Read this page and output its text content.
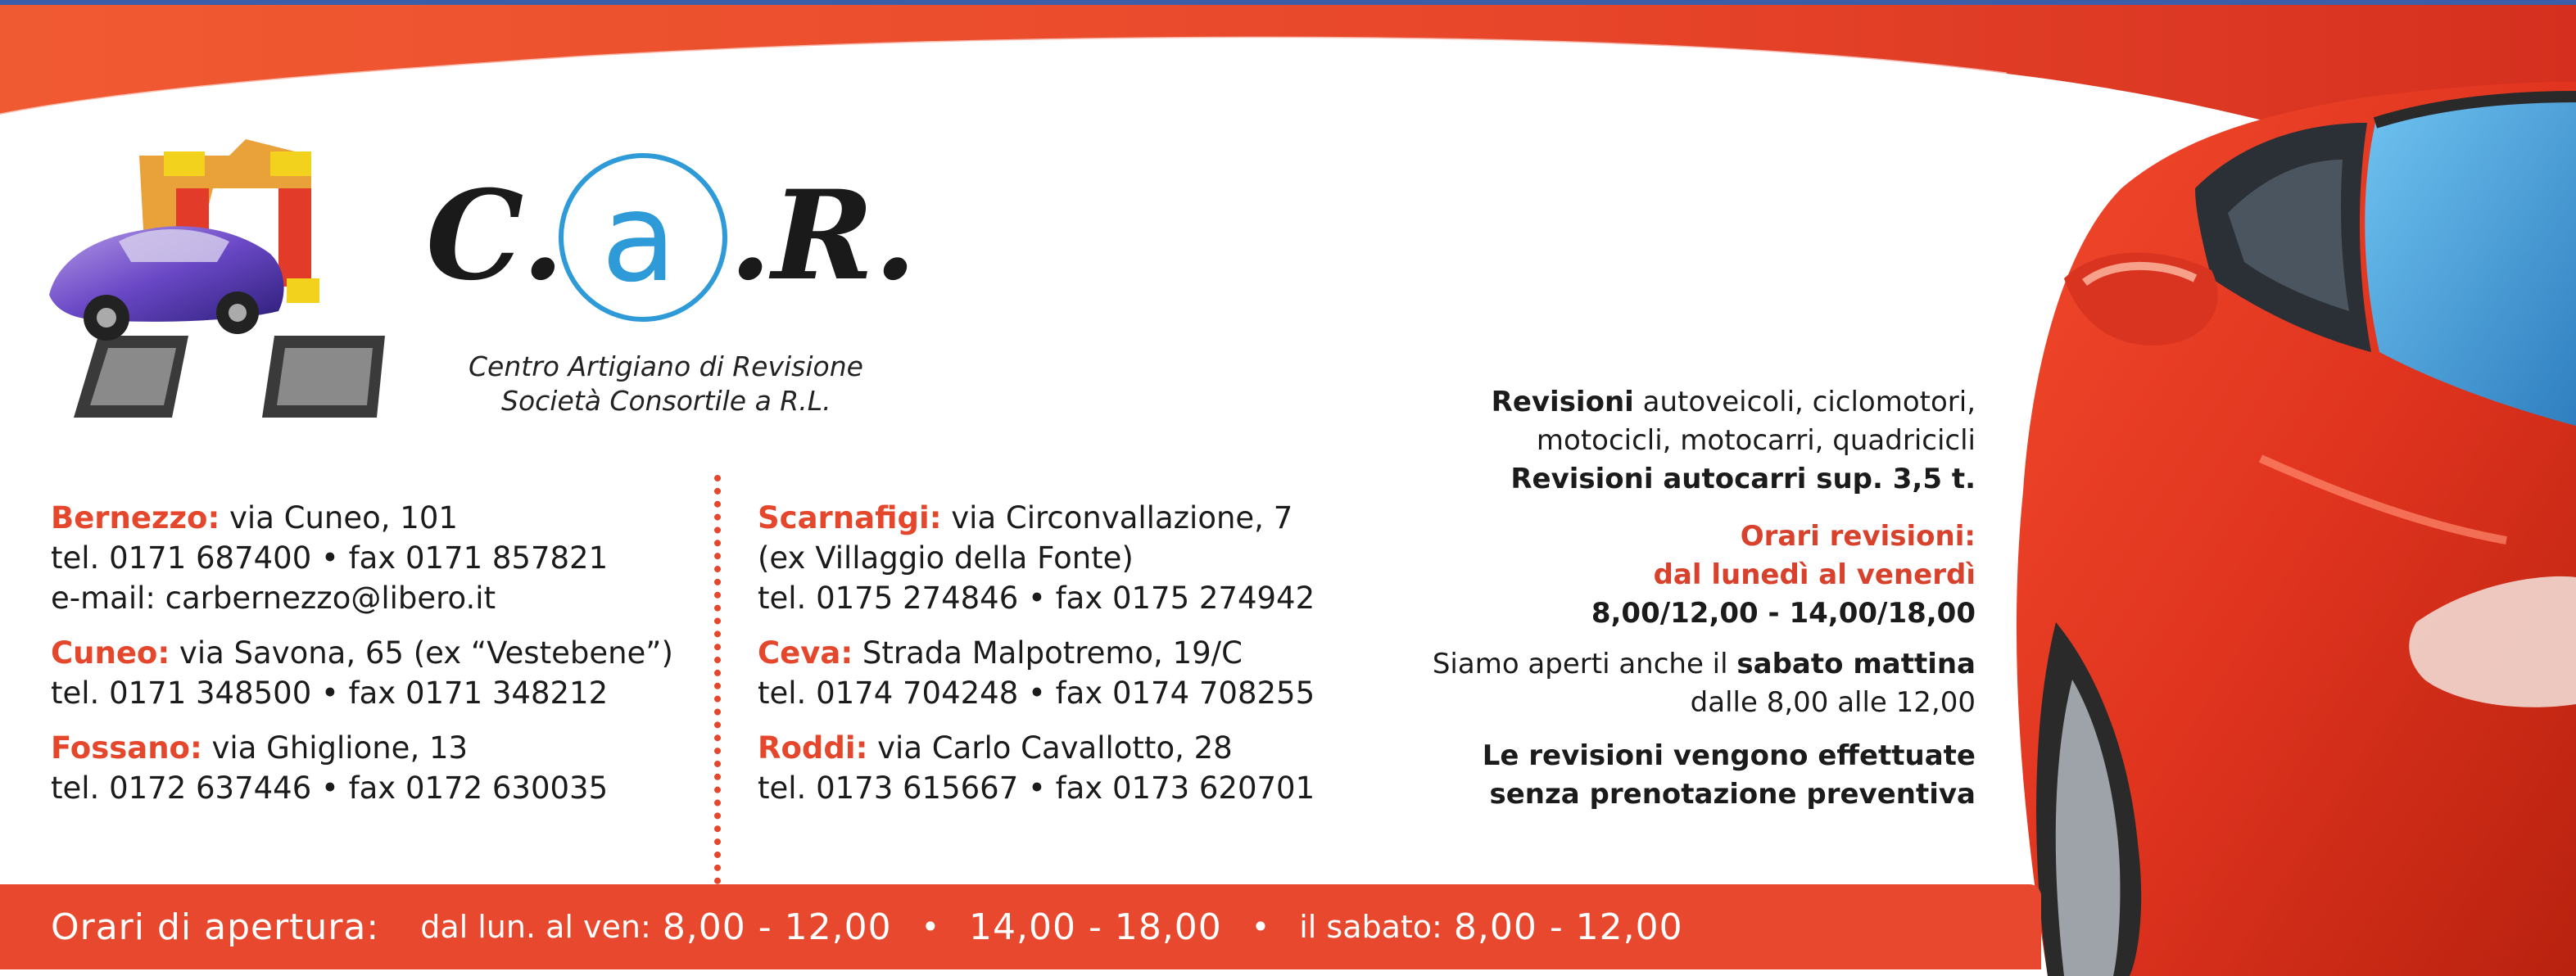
C. a .R.
Centro Artigiano di Revisione
Società Consortile a R.L.
Bernezzo: via Cuneo, 101
tel. 0171 687400 • fax 0171 857821
e-mail: carbernezzo@libero.it
Cuneo: via Savona, 65 (ex “Vestebene”)
tel. 0171 348500 • fax 0171 348212
Fossano: via Ghiglione, 13
tel. 0172 637446 • fax 0172 630035
Scarnafigi: via Circonvallazione, 7
(ex Villaggio della Fonte)
tel. 0175 274846 • fax 0175 274942
Ceva: Strada Malpotremo, 19/C
tel. 0174 704248 • fax 0174 708255
Roddi: via Carlo Cavallotto, 28
tel. 0173 615667 • fax 0173 620701
Revisioni autoveicoli, ciclomotori,
motocicli, motocarri, quadricicli
Revisioni autocarri sup. 3,5 t.
Orari revisioni:
dal lunedì al venerdì
8,00/12,00 - 14,00/18,00
Siamo aperti anche il sabato mattina
dalle 8,00 alle 12,00
Le revisioni vengono effettuate
senza prenotazione preventiva
Orari di apertura: dal lun. al ven: 8,00 - 12,00 • 14,00 - 18,00 • il sabato: 8,00 - 12,00
